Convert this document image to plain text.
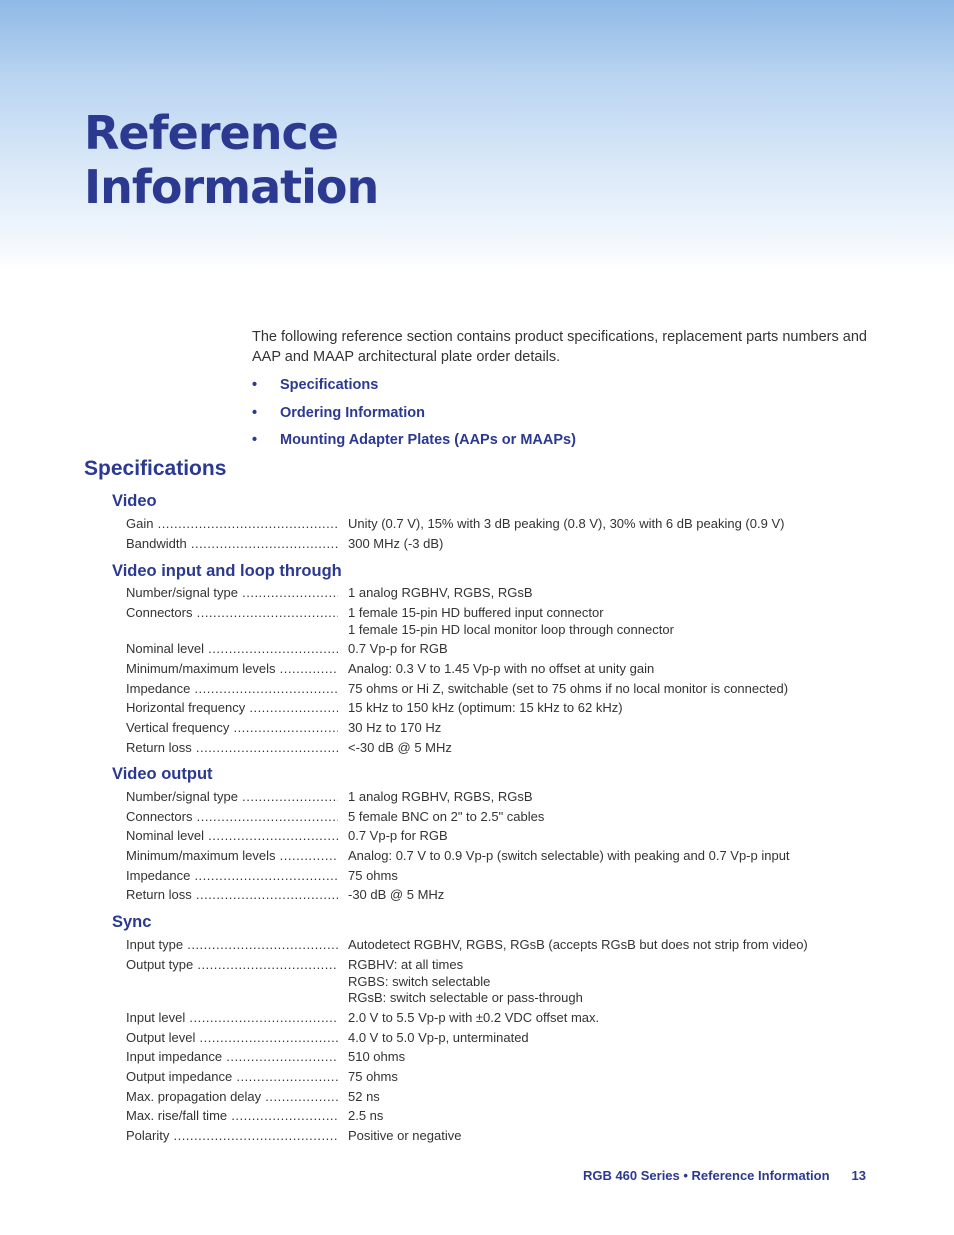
Reference
Information

The following reference section contains product specifications, replacement parts numbers and AAP and MAAP architectural plate order details.

• Specifications
• Ordering Information
• Mounting Adapter Plates (AAPs or MAAPs)
Specifications
Video
Gain .....	Unity (0.7 V), 15% with 3 dB peaking (0.8 V), 30% with 6 dB peaking (0.9 V)
Bandwidth .....	300 MHz (-3 dB)
Video input and loop through
Number/signal type .....	1 analog RGBHV, RGBS, RGsB
Connectors .....	1 female 15-pin HD buffered input connector
1 female 15-pin HD local monitor loop through connector
Nominal level .....	0.7 Vp-p for RGB
Minimum/maximum levels .....	Analog: 0.3 V to 1.45 Vp-p with no offset at unity gain
Impedance .....	75 ohms or Hi Z, switchable (set to 75 ohms if no local monitor is connected)
Horizontal frequency .....	15 kHz to 150 kHz (optimum: 15 kHz to 62 kHz)
Vertical frequency .....	30 Hz to 170 Hz
Return loss .....	<-30 dB @ 5 MHz
Video output
Number/signal type .....	1 analog RGBHV, RGBS, RGsB
Connectors .....	5 female BNC on 2" to 2.5" cables
Nominal level .....	0.7 Vp-p for RGB
Minimum/maximum levels .....	Analog: 0.7 V to 0.9 Vp-p (switch selectable) with peaking and 0.7 Vp-p input
Impedance .....	75 ohms
Return loss .....	-30 dB @ 5 MHz
Sync
Input type .....	Autodetect RGBHV, RGBS, RGsB (accepts RGsB but does not strip from video)
Output type .....	RGBHV: at all times
RGBS: switch selectable
RGsB: switch selectable or pass-through
Input level .....	2.0 V to 5.5 Vp-p with ±0.2 VDC offset max.
Output level .....	4.0 V to 5.0 Vp-p, unterminated
Input impedance .....	510 ohms
Output impedance .....	75 ohms
Max. propagation delay .....	52 ns
Max. rise/fall time .....	2.5 ns
Polarity .....	Positive or negative
RGB 460 Series • Reference Information 13
